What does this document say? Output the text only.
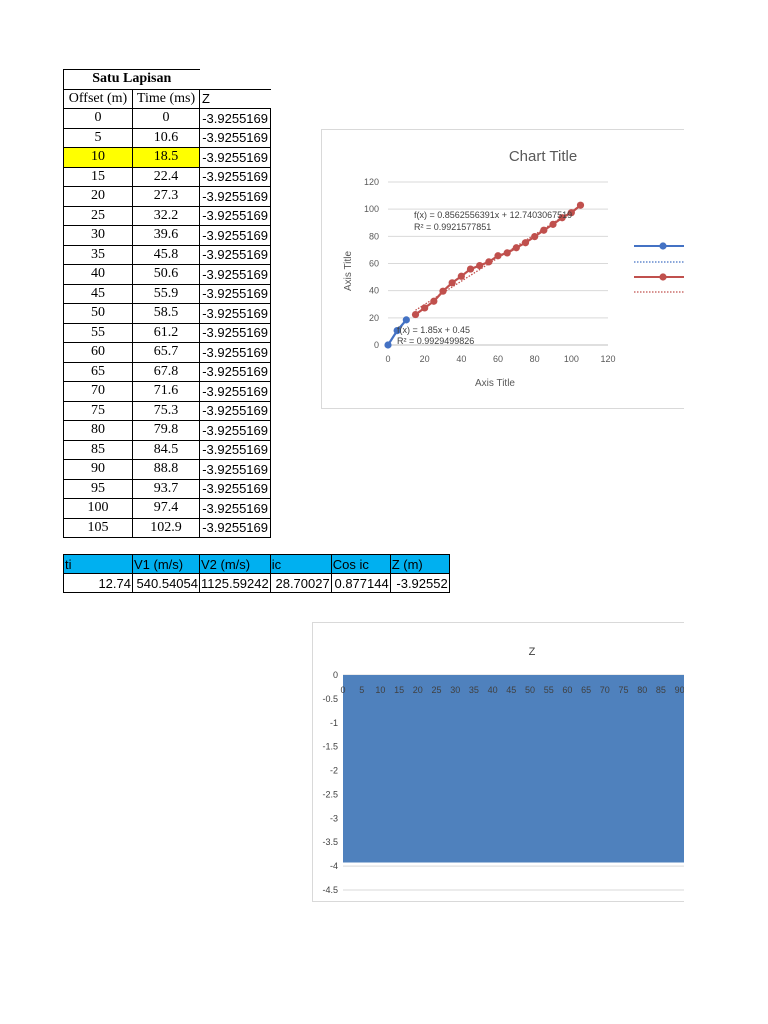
Satu Lapisan		
Offset (m)	Time (ms)	Z
0	0	-3.9255169
5	10.6	-3.9255169
10	18.5	-3.9255169
15	22.4	-3.9255169
20	27.3	-3.9255169
25	32.2	-3.9255169
30	39.6	-3.9255169
35	45.8	-3.9255169
40	50.6	-3.9255169
45	55.9	-3.9255169
50	58.5	-3.9255169
55	61.2	-3.9255169
60	65.7	-3.9255169
65	67.8	-3.9255169
70	71.6	-3.9255169
75	75.3	-3.9255169
80	79.8	-3.9255169
85	84.5	-3.9255169
90	88.8	-3.9255169
95	93.7	-3.9255169
100	97.4	-3.9255169
105	102.9	-3.9255169
ti	V1 (m/s)	V2 (m/s)	ic	Cos ic	Z (m)
12.74	540.54054	1125.59242	28.70027	0.877144	-3.92552
Chart Title
Axis Title
Axis Title
0
20
40
60
80
100
120
0	20	40	60	80	100 120
f(x) = 0.8562556391x + 12.7403067519
R² = 0.9921577851
f(x) = 1.85x + 0.45
R² = 0.9929499826
Z
0
-0.5
-1
-1.5
-2
-2.5
-3
-3.5
-4
-4.5
0 5 10 15 20 25 30 35 40 45 50 55 60 65 70 75 80 85 90
